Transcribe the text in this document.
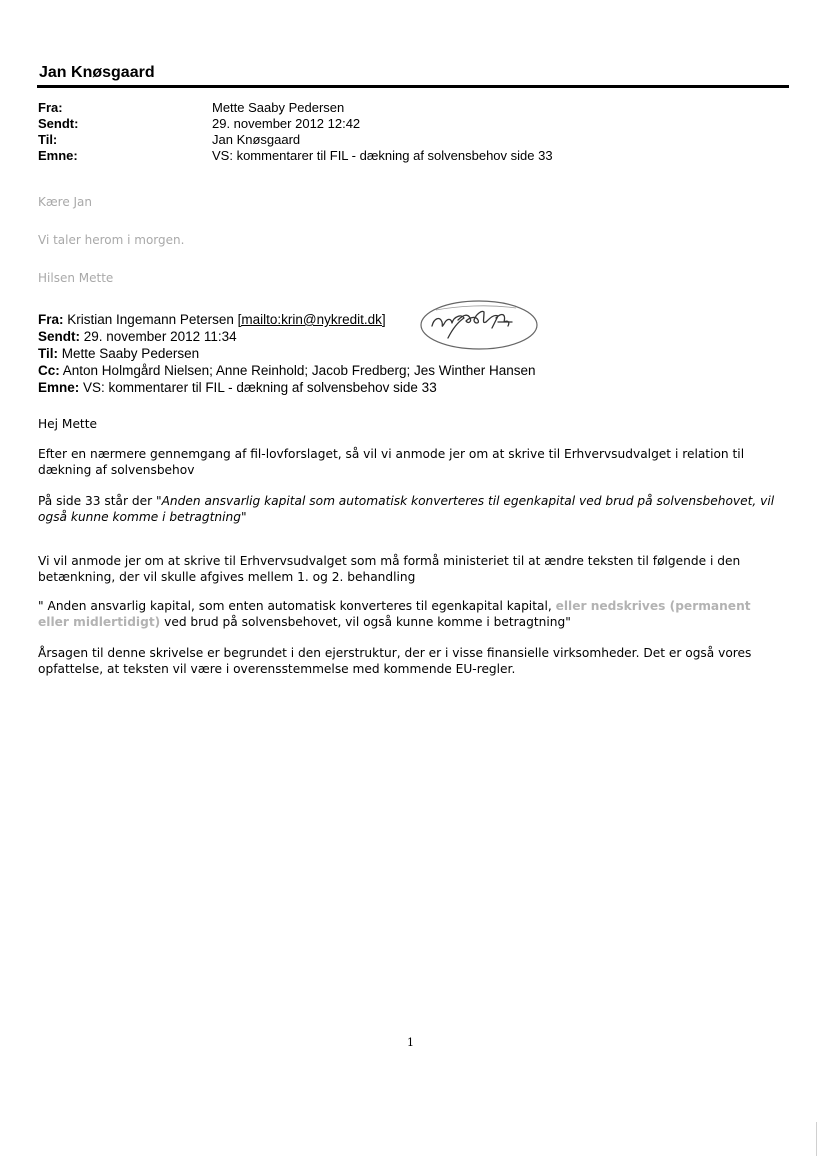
Jan Knøsgaard
Fra:	Mette Saaby Pedersen
Sendt:	29. november 2012 12:42
Til:	Jan Knøsgaard
Emne:	VS: kommentarer til FIL - dækning af solvensbehov side 33
Kære Jan
Vi taler herom i morgen.
Hilsen Mette
Fra: Kristian Ingemann Petersen [mailto:krin@nykredit.dk]
Sendt: 29. november 2012 11:34
Til: Mette Saaby Pedersen
Cc: Anton Holmgård Nielsen; Anne Reinhold; Jacob Fredberg; Jes Winther Hansen
Emne: VS: kommentarer til FIL - dækning af solvensbehov side 33
Hej Mette
Efter en nærmere gennemgang af fil-lovforslaget, så vil vi anmode jer om at skrive til Erhvervsudvalget i relation til dækning af solvensbehov
På side 33 står der "Anden ansvarlig kapital som automatisk konverteres til egenkapital ved brud på solvensbehovet, vil også kunne komme i betragtning"
Vi vil anmode jer om at skrive til Erhvervsudvalget som må formå ministeriet til at ændre teksten til følgende i den betænkning, der vil skulle afgives mellem 1. og 2. behandling
" Anden ansvarlig kapital, som enten automatisk konverteres til egenkapital kapital, eller nedskrives (permanent eller midlertidigt) ved brud på solvensbehovet, vil også kunne komme i betragtning"
Årsagen til denne skrivelse er begrundet i den ejerstruktur, der er i visse finansielle virksomheder. Det er også vores opfattelse, at teksten vil være i overensstemmelse med kommende EU-regler.
1
